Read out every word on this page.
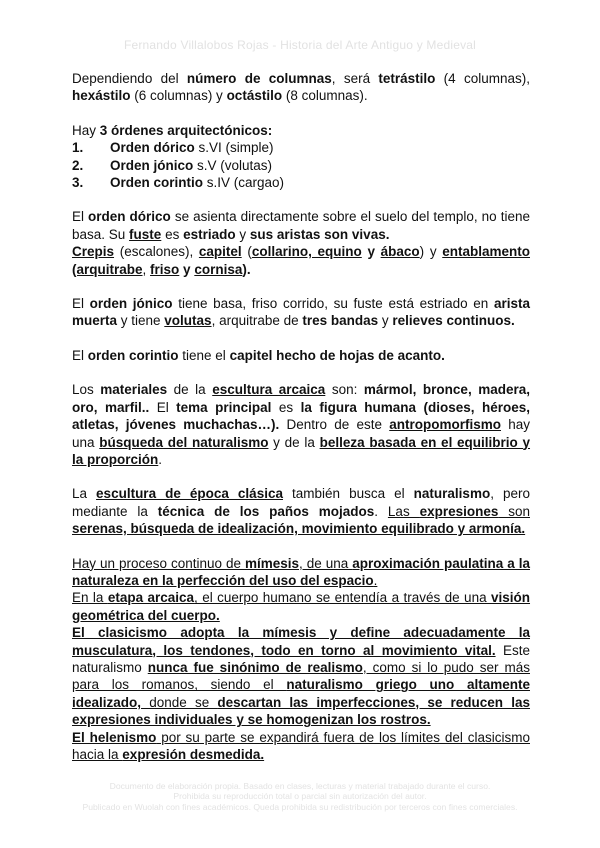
Fernando Villalobos Rojas - Historia del Arte Antiguo y Medieval

Dependiendo del número de columnas, será tetrástilo (4 columnas), hexástilo (6 columnas) y octástilo (8 columnas).

Hay 3 órdenes arquitectónicos:

1.	Orden dórico s.VI (simple)
2.	Orden jónico s.V (volutas)
3.	Orden corintio s.IV (cargao)

El orden dórico se asienta directamente sobre el suelo del templo, no tiene basa. Su fuste es estriado y sus aristas son vivas.

Crepis (escalones), capitel (collarino, equino y ábaco) y entablamento (arquitrabe, friso y cornisa).

El orden jónico tiene basa, friso corrido, su fuste está estriado en arista muerta y tiene volutas, arquitrabe de tres bandas y relieves continuos.

El orden corintio tiene el capitel hecho de hojas de acanto.

Los materiales de la escultura arcaica son: mármol, bronce, madera, oro, marfil.. El tema principal es la figura humana (dioses, héroes, atletas, jóvenes muchachas…). Dentro de este antropomorfismo hay una búsqueda del naturalismo y de la belleza basada en el equilibrio y la proporción.

La escultura de época clásica también busca el naturalismo, pero mediante la técnica de los paños mojados. Las expresiones son serenas, búsqueda de idealización, movimiento equilibrado y armonía.

Hay un proceso continuo de mímesis, de una aproximación paulatina a la naturaleza en la perfección del uso del espacio.

En la etapa arcaica, el cuerpo humano se entendía a través de una visión geométrica del cuerpo.

El clasicismo adopta la mímesis y define adecuadamente la musculatura, los tendones, todo en torno al movimiento vital. Este naturalismo nunca fue sinónimo de realismo, como si lo pudo ser más para los romanos, siendo el naturalismo griego uno altamente idealizado, donde se descartan las imperfecciones, se reducen las expresiones individuales y se homogenizan los rostros.

El helenismo por su parte se expandirá fuera de los límites del clasicismo hacia la expresión desmedida.

Documento de elaboración propia. Basado en clases, lecturas y material trabajado durante el curso.
Prohibida su reproducción total o parcial sin autorización del autor.
Publicado en Wuolah con fines académicos. Queda prohibida su redistribución por terceros con fines comerciales.
